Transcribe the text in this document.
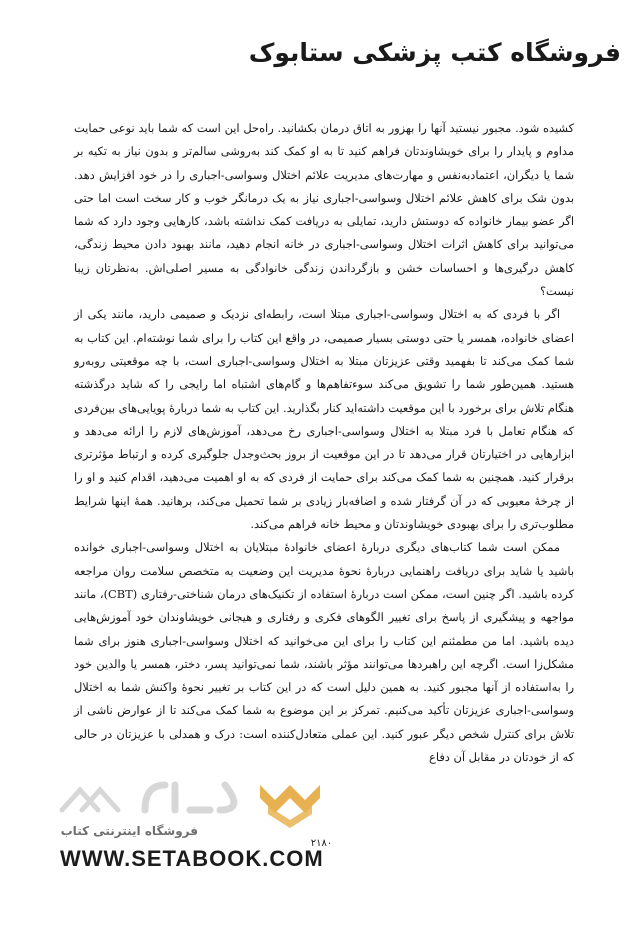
فروشگاه کتب پزشکی ستابوک

کشیده شود. مجبور نیستید آنها را بهزور به اتاق درمان بکشانید. راه‌حل این است که شما باید نوعی حمایت مداوم و پایدار را برای خویشاوندتان فراهم کنید تا به او کمک کند به‌روشی سالم‌تر و بدون نیاز به تکیه بر شما یا دیگران، اعتمادبه‌نفس و مهارت‌های مدیریت علائم اختلال وسواسی-اجباری را در خود افزایش دهد. بدون شک برای کاهش علائم اختلال وسواسی-اجباری نیاز به یک درمانگر خوب و کار سخت است اما حتی اگر عضو بیمار خانواده که دوستش دارید، تمایلی به دریافت کمک نداشته باشد، کارهایی وجود دارد که شما می‌توانید برای کاهش اثرات اختلال وسواسی-اجباری در خانه انجام دهید، مانند بهبود دادن محیط زندگی، کاهش درگیری‌ها و احساسات خشن و بازگرداندن زندگی خانوادگی به مسیر اصلی‌اش. به‌نظرتان زیبا نیست؟

اگر با فردی که به اختلال وسواسی-اجباری مبتلا است، رابطه‌ای نزدیک و صمیمی دارید، مانند یکی از اعضای خانواده، همسر یا حتی دوستی بسیار صمیمی، در واقع این کتاب را برای شما نوشته‌ام. این کتاب به شما کمک می‌کند تا بفهمید وقتی عزیزتان مبتلا به اختلال وسواسی-اجباری است، با چه موقعیتی روبه‌رو هستید. همین‌طور شما را تشویق می‌کند سوءتفاهم‌ها و گام‌های اشتباه اما رایجی را که شاید درگذشته هنگام تلاش برای برخورد با این موقعیت داشته‌اید کنار بگذارید. این کتاب به شما دربارهٔ پویایی‌های بین‌فردی که هنگام تعامل با فرد مبتلا به اختلال وسواسی-اجباری رخ می‌دهد، آموزش‌های لازم را ارائه می‌دهد و ابزارهایی در اختیارتان قرار می‌دهد تا در این موقعیت از بروز بحث‌وجدل جلوگیری کرده و ارتباط مؤثرتری برقرار کنید. همچنین به شما کمک می‌کند برای حمایت از فردی که به او اهمیت می‌دهید، اقدام کنید و او را از چرخهٔ معیوبی که در آن گرفتار شده و اضافه‌بار زیادی بر شما تحمیل می‌کند، برهانید. همهٔ اینها شرایط مطلوب‌تری را برای بهبودی خویشاوندتان و محیط خانه فراهم می‌کند.

ممکن است شما کتاب‌های دیگری دربارهٔ اعضای خانوادهٔ مبتلایان به اختلال وسواسی-اجباری خوانده باشید یا شاید برای دریافت راهنمایی دربارهٔ نحوهٔ مدیریت این وضعیت به متخصص سلامت روان مراجعه کرده باشید. اگر چنین است، ممکن است دربارهٔ استفاده از تکنیک‌های درمان شناختی-رفتاری (CBT)، مانند مواجهه و پیشگیری از پاسخ برای تغییر الگوهای فکری و رفتاری و هیجانی خویشاوندان خود آموزش‌هایی دیده باشید. اما من مطمئنم این کتاب را برای این می‌خوانید که اختلال وسواسی-اجباری هنوز برای شما مشکل‌زا است. اگرچه این راهبردها می‌توانند مؤثر باشند، شما نمی‌توانید پسر، دختر، همسر یا والدین خود را به‌استفاده از آنها مجبور کنید. به همین دلیل است که در این کتاب بر تغییر نحوهٔ واکنش شما به اختلال وسواسی-اجباری عزیزتان تأکید می‌کنیم. تمرکز بر این موضوع به شما کمک می‌کند تا از عوارض ناشی از تلاش برای کنترل شخص دیگر عبور کنید. این عملی متعادل‌کننده است: درک و همدلی با عزیزتان در حالی که از خودتان در مقابل آن دفاع

فروشگاه اینترنتی کتاب
۲۱۸۰
WWW.SETABOOK.COM
